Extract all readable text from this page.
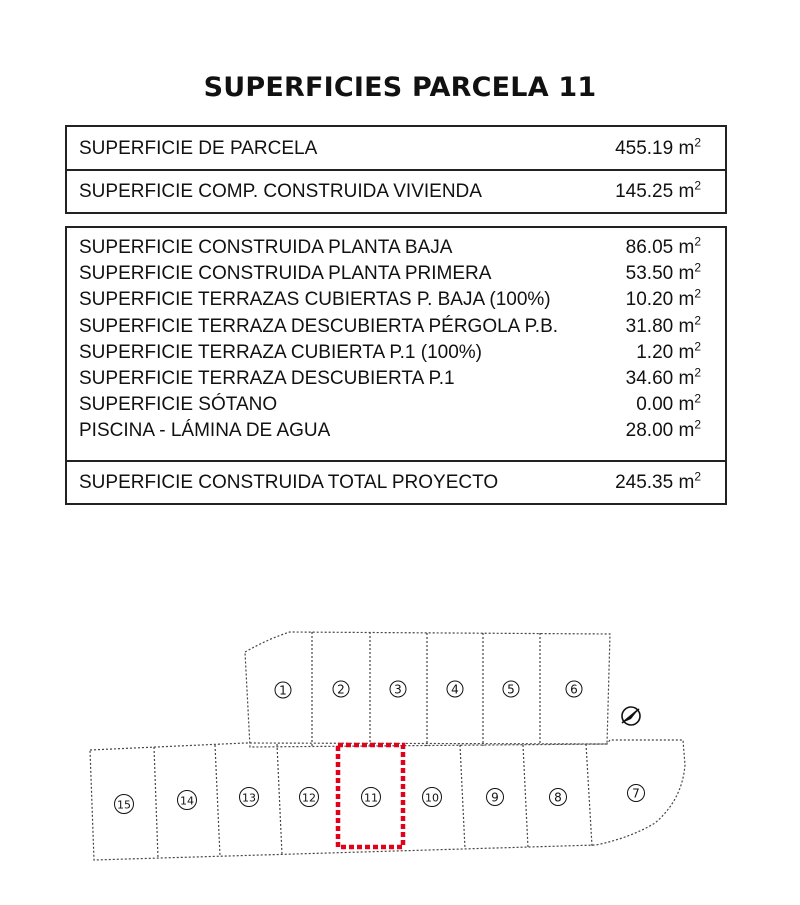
SUPERFICIES PARCELA 11
SUPERFICIE DE PARCELA	455.19 $m^2$
SUPERFICIE COMP. CONSTRUIDA VIVIENDA	145.25 $m^2$
SUPERFICIE CONSTRUIDA PLANTA BAJA	86.05 $m^2$
SUPERFICIE CONSTRUIDA PLANTA PRIMERA	53.50 $m^2$
SUPERFICIE TERRAZAS CUBIERTAS P. BAJA (100%)	10.20 $m^2$
SUPERFICIE TERRAZA DESCUBIERTA PÉRGOLA P.B.	31.80 $m^2$
SUPERFICIE TERRAZA CUBIERTA P.1 (100%)	1.20 $m^2$
SUPERFICIE TERRAZA DESCUBIERTA P.1	34.60 $m^2$
SUPERFICIE SÓTANO	0.00 $m^2$
PISCINA - LÁMINA DE AGUA	28.00 $m^2$
SUPERFICIE CONSTRUIDA TOTAL PROYECTO	245.35 $m^2$
1	2	3	4	5	6
7
8
9
10
11
12
13
14
15
